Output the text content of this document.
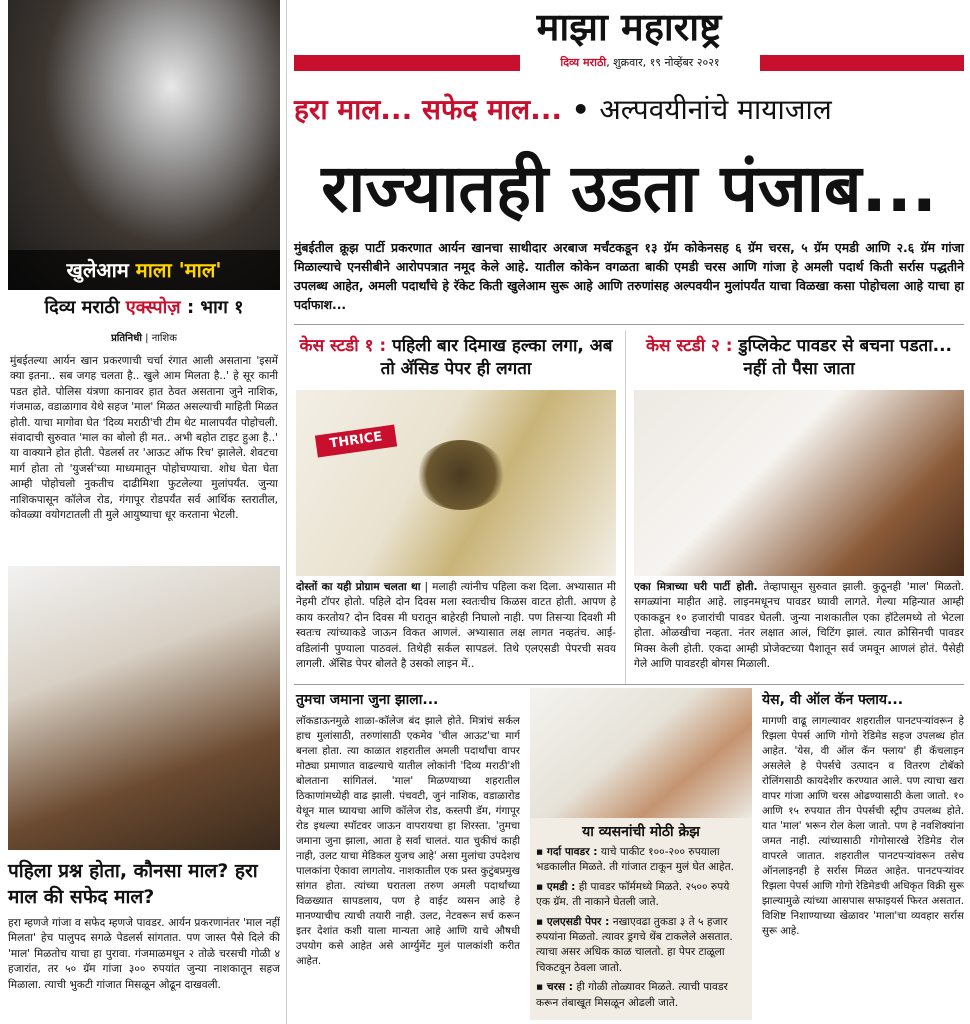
खुलेआम माला 'माल'
दिव्य मराठी एक्स्पोज़ : भाग १
प्रतिनिधी | नाशिक
मुंबईतल्या आर्यन खान प्रकरणाची चर्चा रंगात आली असताना 'इसमें क्या इतना.. सब जगह चलता है.. खुले आम मिलता है..' हे सूर कानी पडत होते. पोलिस यंत्रणा कानावर हात ठेवत असताना जुने नाशिक, गंजमाळ, वडाळागाव येथे सहज 'माल' मिळत असल्याची माहिती मिळत होती. याचा मागोवा घेत 'दिव्य मराठी'ची टीम थेट मालापर्यंत पोहोचली. संवादाची सुरुवात 'माल का बोलो ही मत.. अभी बहोत टाइट हुआ है..' या वाक्याने होत होती. पेडलर्स तर 'आऊट ऑफ रिच' झालेले. शेवटचा मार्ग होता तो 'युजर्स'च्या माध्यमातून पोहोचण्याचा. शोध घेता घेता आम्ही पोहोचलो नुकतीच दाढीमिशा फुटलेल्या मुलांपर्यंत. जुन्या नाशिकपासून कॉलेज रोड, गंगापूर रोडपर्यंत सर्व आर्थिक स्तरातील, कोवळ्या वयोगटातली ती मुले आयुष्याचा धूर करताना भेटली.
पहिला प्रश्न होता, कौनसा माल? हरा माल की सफेद माल?
हरा म्हणजे गांजा व सफेद म्हणजे पावडर. आर्यन प्रकरणानंतर 'माल नहीं मिलता' हेच पालुपद सगळे पेडलर्स सांगतात. पण जास्त पैसे दिले की 'माल' मिळतोच याचा हा पुरावा. गंजमाळमधून २ तोळे चरसची गोळी ४ हजारांत, तर ५० ग्रॅम गांजा ३०० रुपयांत जुन्या नाशकातून सहज मिळाला. त्याची भुकटी गांजात मिसळून ओढून दाखवली.
माझा महाराष्ट्र
दिव्य मराठी, शुक्रवार, १९ नोव्हेंबर २०२१
हरा माल... सफेद माल... • अल्पवयीनांचे मायाजाल
राज्यातही उडता पंजाब...
मुंबईतील क्रूझ पार्टी प्रकरणात आर्यन खानचा साथीदार अरबाज मर्चंटकडून १३ ग्रॅम कोकेनसह ६ ग्रॅम चरस, ५ ग्रॅम एमडी आणि २.६ ग्रॅम गांजा मिळाल्याचे एनसीबीने आरोपपत्रात नमूद केले आहे. यातील कोकेन वगळता बाकी एमडी चरस आणि गांजा हे अमली पदार्थ किती सर्रास पद्धतीने उपलब्ध आहेत, अमली पदार्थांचे हे रॅकेट किती खुलेआम सुरू आहे आणि तरुणांसह अल्पवयीन मुलांपर्यंत याचा विळखा कसा पोहोचला आहे याचा हा पर्दाफाश...
केस स्टडी १ : पहिली बार दिमाख हल्का लगा, अब तो ॲसिड पेपर ही लगता
THRICE
दोस्तों का यही प्रोग्राम चलता था | मलाही त्यांनीच पहिला कश दिला. अभ्यासात मी नेहमी टॉपर होतो. पहिले दोन दिवस मला स्वतःचीच किळस वाटत होती. आपण हे काय करतोय? दोन दिवस मी घरातून बाहेरही निघालो नाही. पण तिसऱ्या दिवशी मी स्वतःच त्यांच्याकडे जाऊन विकत आणलं. अभ्यासात लक्ष लागत नव्हतंच. आई-वडिलांनी पुण्याला पाठवलं. तिथेही सर्कल सापडलं. तिथे एलएसडी पेपरची सवय लागली. ॲसिड पेपर बोलते है उसको लाइन में..
केस स्टडी २ : डुप्लिकेट पावडर से बचना पडता... नहीं तो पैसा जाता
एका मित्राच्या घरी पार्टी होती. तेव्हापासून सुरुवात झाली. कुठूनही 'माल' मिळतो. सगळ्यांना माहीत आहे. लाइनमधूनच पावडर घ्यावी लागते. गेल्या महिन्यात आम्ही एकाकडून १० हजारांची पावडर घेतली. जुन्या नाशकातील एका हॉटेलमध्ये तो भेटला होता. ओळखीचा नव्हता. नंतर लक्षात आलं, चिटिंग झालं. त्यात क्रोसिनची पावडर मिक्स केली होती. एकदा आम्ही प्रोजेक्टच्या पैशातून सर्व जमवून आणलं होतं. पैसेही गेले आणि पावडरही बोगस मिळाली.
तुमचा जमाना जुना झाला...
लॉकडाऊनमुळे शाळा-कॉलेज बंद झाले होते. मित्रांचं सर्कल हाच मुलांसाठी, तरुणांसाठी एकमेव 'चील आऊट'चा मार्ग बनला होता. त्या काळात शहरातील अमली पदार्थांचा वापर मोठ्या प्रमाणात वाढल्याचे यातील लोकांनी 'दिव्य मराठी'शी बोलताना सांगितलं. 'माल' मिळण्याच्या शहरातील ठिकाणांमध्येही वाढ झाली. पंचवटी, जुनं नाशिक, वडाळारोड येथून माल घ्यायचा आणि कॉलेज रोड, कस्तपी डॅम, गंगापूर रोड इथल्या स्पॉटवर जाऊन वापरायचा हा शिरस्ता. 'तुमचा जमाना जुना झाला, आता हे सर्वा चालतं. यात चुकीचं काही नाही, उलट याचा मेडिकल युजच आहे' असा मुलांचा उपदेशच पालकांना ऐकावा लागतोय. नाशकातील एक प्रस्त कुटुंबप्रमुख सांगत होता. त्यांच्या घरातला तरुण अमली पदार्थांच्या विळख्यात सापडलाय, पण हे वाईट व्यसन आहे हे मानण्याचीच त्याची तयारी नाही. उलट, नेटवरून सर्च करून इतर देशांत कशी याला मान्यता आहे आणि याचे औषधी उपयोग कसे आहेत असे आर्ग्युमेंट मुलं पालकांशी करीत आहेत.
या व्यसनांची मोठी क्रेझ
▪ गर्दा पावडर : याचे पाकीट १००-२०० रुपयाला भडकालीत मिळते. ती गांजात टाकून मुलं घेत आहेत.
▪ एमडी : ही पावडर फॉर्ममध्ये मिळते. २५०० रुपये एक ग्रॅम. ती नाकाने घेतली जाते.
▪ एलएसडी पेपर : नखाएवढा तुकडा ३ ते ५ हजार रुपयांना मिळतो. त्यावर ड्रगचे थेंब टाकलेले असतात. त्याचा असर अधिक काळ चालतो. हा पेपर टाळूला चिकटवून ठेवला जातो.
▪ चरस : ही गोळी तोळ्यावर मिळते. त्याची पावडर करून तंबाखूत मिसळून ओढली जाते.
येस, वी ऑल कॅन फ्लाय...
मागणी वाढू लागल्यावर शहरातील पानटपऱ्यांवरून हे रिझला पेपर्स आणि गोगो रेडिमेड सहज उपलब्ध होत आहेत. 'येस, वी ऑल कॅन फ्लाय' ही कॅचलाइन असलेले हे पेपर्सचे उत्पादन व वितरण टोबॅको रोलिंगसाठी कायदेशीर करण्यात आले. पण त्याचा खरा वापर गांजा आणि चरस ओढण्यासाठी केला जातो. १० आणि १५ रुपयात तीन पेपर्सची स्ट्रीप उपलब्ध होते. यात 'माल' भरून रोल केला जातो. पण हे नवशिक्यांना जमत नाही. त्यांच्यासाठी गोगोसारखे रेडिमेड रोल वापरले जातात. शहरातील पानटपऱ्यांवरून तसेच ऑनलाइनही हे सर्रास मिळत आहेत. पानटपऱ्यांवर रिझला पेपर्स आणि गोगो रेडिमेडची अधिकृत विक्री सुरू झाल्यामुळे त्यांच्या आसपास सफाइयर्स फिरत असतात. विशिष्ट निशाण्याच्या खेळावर 'माला'चा व्यवहार सर्रास सुरू आहे.
